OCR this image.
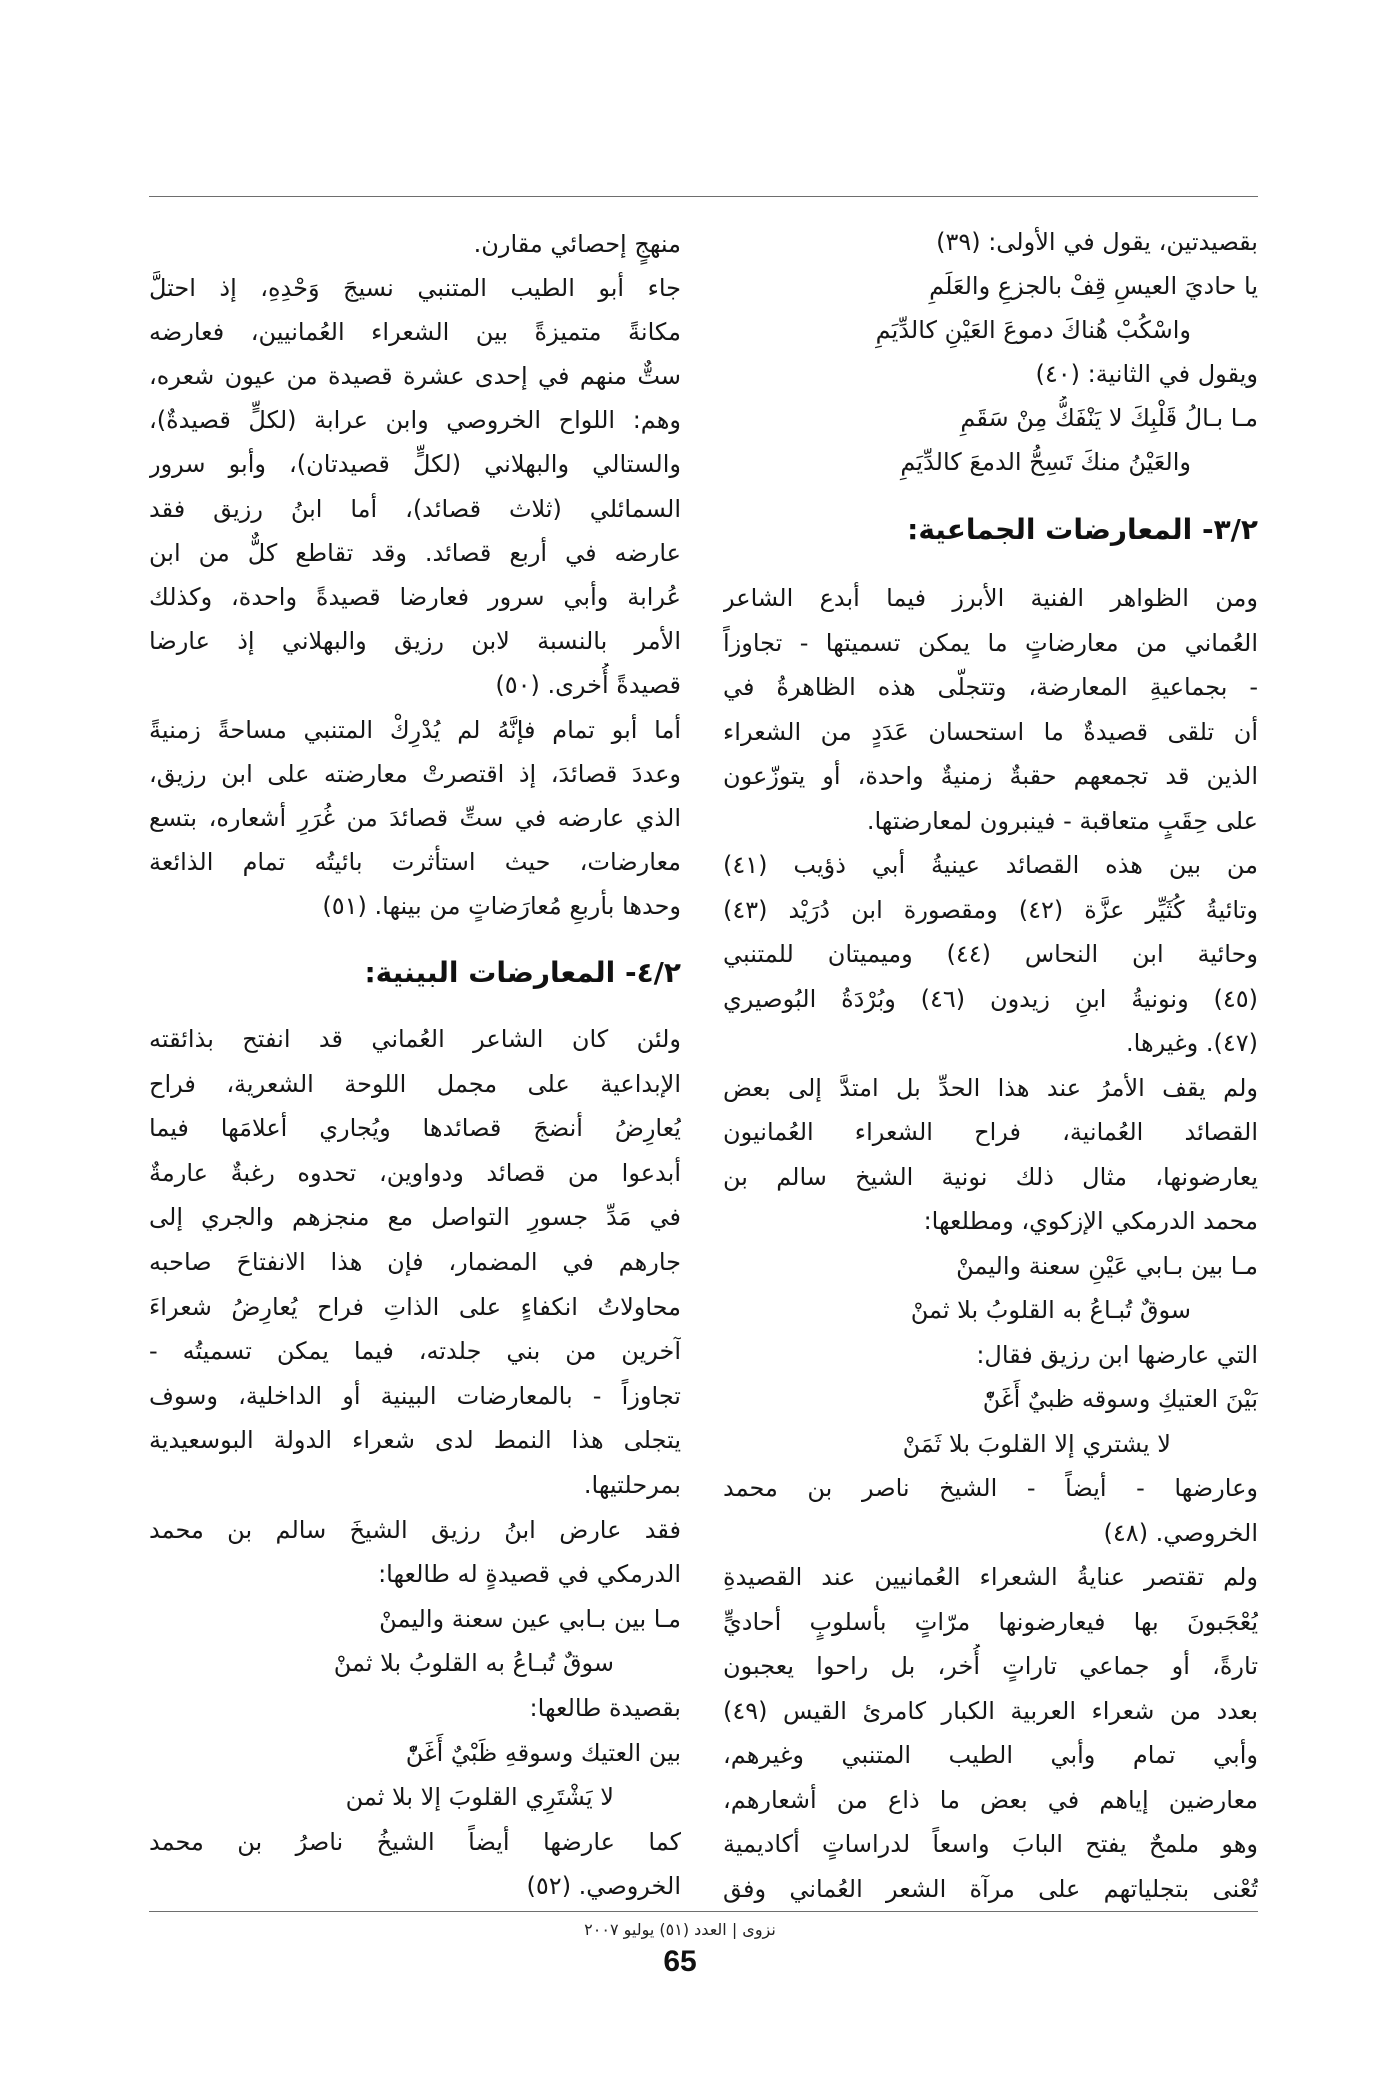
بقصيدتين، يقول في الأولى: (٣٩)
يا حاديَ العيسِ قِفْ بالجزعِ والعَلَمِ
واسْكُبْ هُناكَ دموعَ العَيْنِ كالدِّيَمِ
ويقول في الثانية: (٤٠)
مـا بـالُ قَلْبِكَ لا يَنْفَكُّ مِنْ سَقَمِ
والعَيْنُ منكَ تَسِحُّ الدمعَ كالدِّيَمِ
٣/٢- المعارضات الجماعية:
ومن الظواهر الفنية الأبرز فيما أبدع الشاعر
العُماني من معارضاتٍ ما يمكن تسميتها - تجاوزاً
- بجماعيةِ المعارضة، وتتجلّى هذه الظاهرةُ في
أن تلقى قصيدةٌ ما استحسان عَدَدٍ من الشعراء
الذين قد تجمعهم حقبةٌ زمنيةٌ واحدة، أو يتوزّعون
على حِقَبٍ متعاقبة - فينبرون لمعارضتها.
من بين هذه القصائد عينيةُ أبي ذؤيب (٤١)
وتائيةُ كُثَيِّر عزَّة (٤٢) ومقصورة ابن دُرَيْد (٤٣)
وحائية ابن النحاس (٤٤) وميميتان للمتنبي
(٤٥) ونونيةُ ابنِ زيدون (٤٦) وبُرْدَةُ البُوصيري
(٤٧). وغيرها.
ولم يقف الأمرُ عند هذا الحدِّ بل امتدَّ إلى بعض
القصائد العُمانية، فراح الشعراء العُمانيون
يعارضونها، مثال ذلك نونية الشيخ سالم بن
محمد الدرمكي الإزكوي، ومطلعها:
مـا بين بـابي عَيْنِ سعنة واليمنْ
سوقٌ تُبـاعُ به القلوبُ بلا ثمنْ
التي عارضها ابن رزيق فقال:
بَيْنَ العتيكِ وسوقه ظبيٌ أَغَنّْ
لا يشتري إلا القلوبَ بلا ثَمَنْ
وعارضها - أيضاً - الشيخ ناصر بن محمد
الخروصي. (٤٨)
ولم تقتصر عنايةُ الشعراء العُمانيين عند القصيدةِ
يُعْجَبونَ بها فيعارضونها مرّاتٍ بأسلوبٍ أحاديٍّ
تارةً، أو جماعي تاراتٍ أُخر، بل راحوا يعجبون
بعدد من شعراء العربية الكبار كامرئ القيس (٤٩)
وأبي تمام وأبي الطيب المتنبي وغيرهم،
معارضين إياهم في بعض ما ذاع من أشعارهم،
وهو ملمحٌ يفتح البابَ واسعاً لدراساتٍ أكاديمية
تُعْنى بتجلياتهم على مرآة الشعر العُماني وفق
منهجٍ إحصائي مقارن.
جاء أبو الطيب المتنبي نسيجَ وَحْدِهِ، إذ احتلَّ
مكانةً متميزةً بين الشعراء العُمانيين، فعارضه
ستٌّ منهم في إحدى عشرة قصيدة من عيون شعره،
وهم: اللواح الخروصي وابن عرابة (لكلٍّ قصيدةٌ)،
والستالي والبهلاني (لكلٍّ قصيدتان)، وأبو سرور
السمائلي (ثلاث قصائد)، أما ابنُ رزيق فقد
عارضه في أربع قصائد. وقد تقاطع كلٌّ من ابن
عُرابة وأبي سرور فعارضا قصيدةً واحدة، وكذلك
الأمر بالنسبة لابن رزيق والبهلاني إذ عارضا
قصيدةً أُخرى. (٥٠)
أما أبو تمام فإنَّهُ لم يُدْرِكْ المتنبي مساحةً زمنيةً
وعددَ قصائدَ، إذ اقتصرتْ معارضته على ابن رزيق،
الذي عارضه في ستِّ قصائدَ من غُرَرِ أشعاره، بتسع
معارضات، حيث استأثرت بائيتُه تمام الذائعة
وحدها بأربعِ مُعارَضاتٍ من بينها. (٥١)
٤/٢- المعارضات البينية:
ولئن كان الشاعر العُماني قد انفتح بذائقته
الإبداعية على مجمل اللوحة الشعرية، فراح
يُعارِضُ أنضجَ قصائدها ويُجاري أعلامَها فيما
أبدعوا من قصائد ودواوين، تحدوه رغبةٌ عارمةٌ
في مَدِّ جسورِ التواصل مع منجزهم والجري إلى
جارهم في المضمار، فإن هذا الانفتاحَ صاحبه
محاولاتُ انكفاءٍ على الذاتِ فراح يُعارِضُ شعراءَ
آخرين من بني جلدته، فيما يمكن تسميتُه -
تجاوزاً - بالمعارضات البينية أو الداخلية، وسوف
يتجلى هذا النمط لدى شعراء الدولة البوسعيدية
بمرحلتيها.
فقد عارض ابنُ رزيق الشيخَ سالم بن محمد
الدرمكي في قصيدةٍ له طالعها:
مـا بين بـابي عين سعنة واليمنْ
سوقٌ تُبـاعُ به القلوبُ بلا ثمنْ
بقصيدة طالعها:
بين العتيك وسوقهِ ظَبْيٌ أَغَنّْ
لا يَشْتَرِي القلوبَ إلا بلا ثمن
كما عارضها أيضاً الشيخُ ناصرُ بن محمد
الخروصي. (٥٢)
نزوى | العدد (٥١) يوليو ٢٠٠٧
65
